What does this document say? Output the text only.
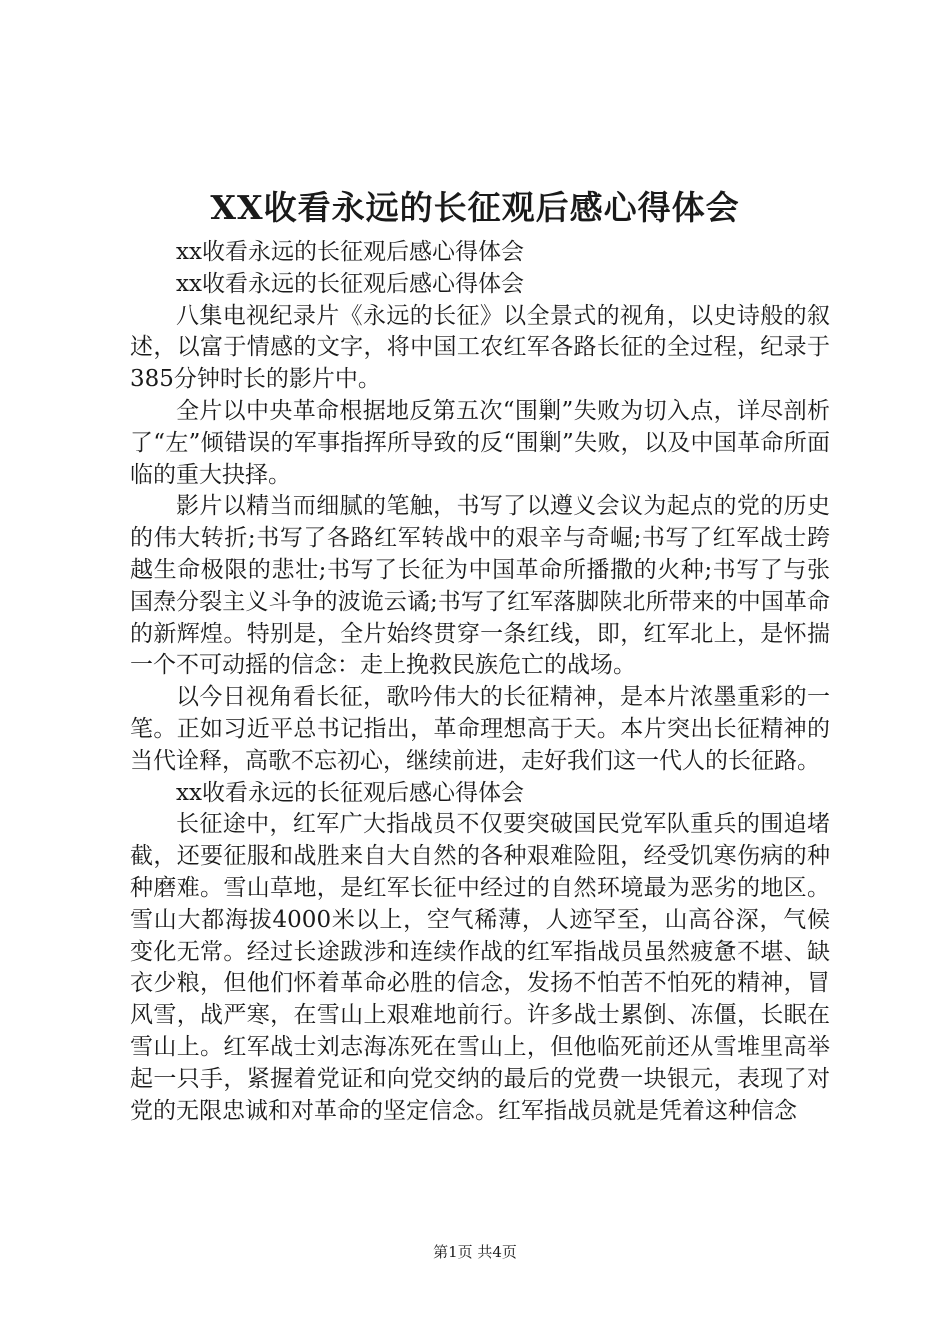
XX收看永远的长征观后感心得体会

xx收看永远的长征观后感心得体会

xx收看永远的长征观后感心得体会

八集电视纪录片《永远的长征》以全景式的视角，以史诗般的叙述，以富于情感的文字，将中国工农红军各路长征的全过程，纪录于385分钟时长的影片中。

全片以中央革命根据地反第五次“围剿”失败为切入点，详尽剖析了“左”倾错误的军事指挥所导致的反“围剿”失败，以及中国革命所面临的重大抉择。

影片以精当而细腻的笔触，书写了以遵义会议为起点的党的历史的伟大转折;书写了各路红军转战中的艰辛与奇崛;书写了红军战士跨越生命极限的悲壮;书写了长征为中国革命所播撒的火种;书写了与张国焘分裂主义斗争的波诡云谲;书写了红军落脚陕北所带来的中国革命的新辉煌。特别是，全片始终贯穿一条红线，即，红军北上，是怀揣一个不可动摇的信念：走上挽救民族危亡的战场。

以今日视角看长征，歌吟伟大的长征精神，是本片浓墨重彩的一笔。正如习近平总书记指出，革命理想高于天。本片突出长征精神的当代诠释，高歌不忘初心，继续前进，走好我们这一代人的长征路。

xx收看永远的长征观后感心得体会

长征途中，红军广大指战员不仅要突破国民党军队重兵的围追堵截，还要征服和战胜来自大自然的各种艰难险阻，经受饥寒伤病的种种磨难。雪山草地，是红军长征中经过的自然环境最为恶劣的地区。雪山大都海拔4000米以上，空气稀薄，人迹罕至，山高谷深，气候变化无常。经过长途跋涉和连续作战的红军指战员虽然疲惫不堪、缺衣少粮，但他们怀着革命必胜的信念，发扬不怕苦不怕死的精神，冒风雪，战严寒，在雪山上艰难地前行。许多战士累倒、冻僵，长眠在雪山上。红军战士刘志海冻死在雪山上，但他临死前还从雪堆里高举起一只手，紧握着党证和向党交纳的最后的党费一块银元，表现了对党的无限忠诚和对革命的坚定信念。红军指战员就是凭着这种信念

第1页 共4页
